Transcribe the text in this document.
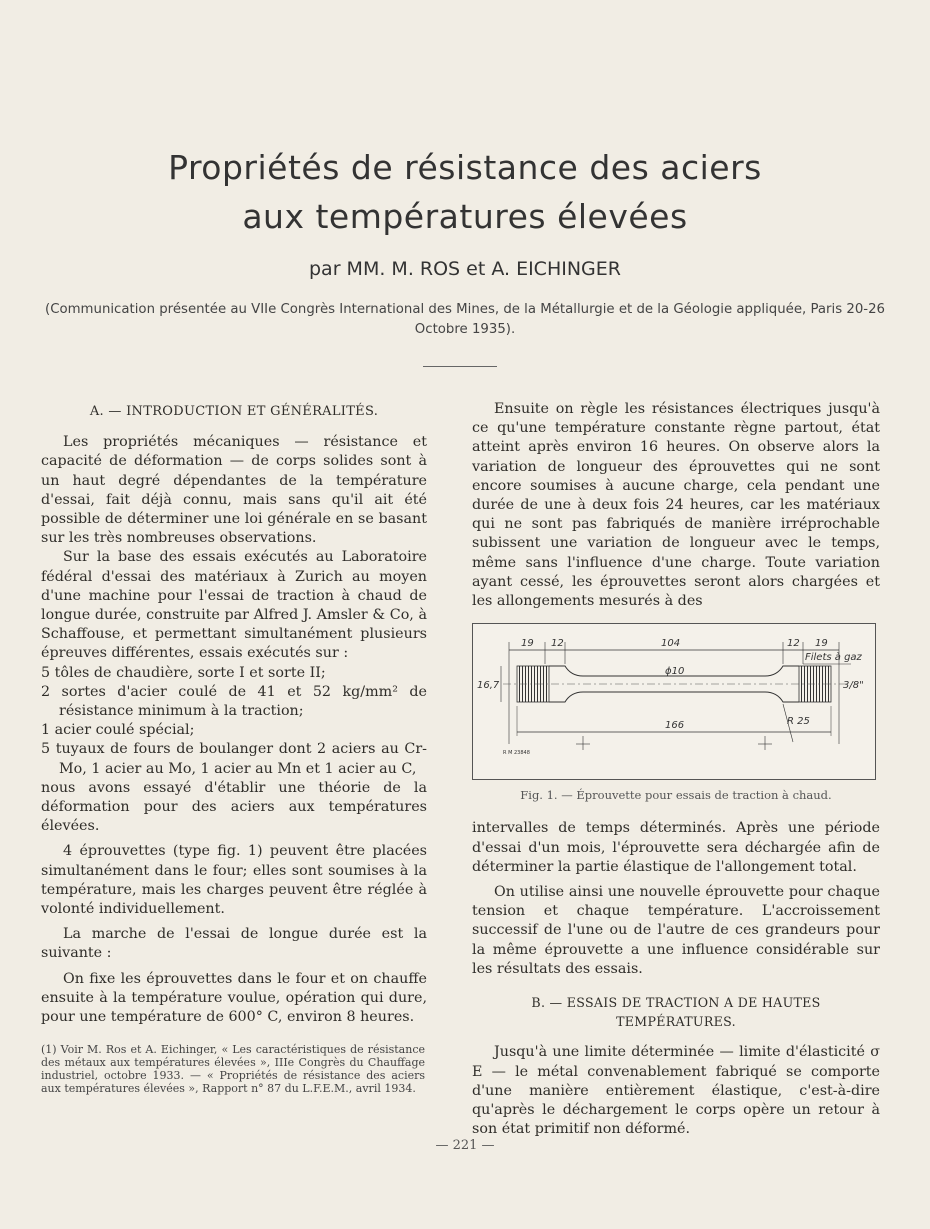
Propriétés de résistance des aciers
aux températures élevées
par MM. M. ROS et A. EICHINGER
(Communication présentée au VIIe Congrès International des Mines, de la Métallurgie et de la Géologie appliquée, Paris 20-26 Octobre 1935).

A. — INTRODUCTION ET GÉNÉRALITÉS.

Les propriétés mécaniques — résistance et capacité de déformation — de corps solides sont à un haut degré dépendantes de la température d'essai, fait déjà connu, mais sans qu'il ait été possible de déterminer une loi générale en se basant sur les très nombreuses observations.

Sur la base des essais exécutés au Laboratoire fédéral d'essai des matériaux à Zurich au moyen d'une machine pour l'essai de traction à chaud de longue durée, construite par Alfred J. Amsler & Co, à Schaffouse, et permettant simultanément plusieurs épreuves différentes, essais exécutés sur :

5 tôles de chaudière, sorte I et sorte II;

2 sortes d'acier coulé de 41 et 52 kg/mm² de résistance minimum à la traction;

1 acier coulé spécial;

5 tuyaux de fours de boulanger dont 2 aciers au Cr-Mo, 1 acier au Mo, 1 acier au Mn et 1 acier au C,

nous avons essayé d'établir une théorie de la déformation pour des aciers aux températures élevées.

4 éprouvettes (type fig. 1) peuvent être placées simultanément dans le four; elles sont soumises à la température, mais les charges peuvent être réglée à volonté individuellement.

La marche de l'essai de longue durée est la suivante :

On fixe les éprouvettes dans le four et on chauffe ensuite à la température voulue, opération qui dure, pour une température de 600° C, environ 8 heures.

(1) Voir M. Ros et A. Eichinger, « Les caractéristiques de résistance des métaux aux températures élevées », IIIe Congrès du Chauffage industriel, octobre 1933. — « Propriétés de résistance des aciers aux températures élevées », Rapport n° 87 du L.F.E.M., avril 1934.

Ensuite on règle les résistances électriques jusqu'à ce qu'une température constante règne partout, état atteint après environ 16 heures. On observe alors la variation de longueur des éprouvettes qui ne sont encore soumises à aucune charge, cela pendant une durée de une à deux fois 24 heures, car les matériaux qui ne sont pas fabriqués de manière irréprochable subissent une variation de longueur avec le temps, même sans l'influence d'une charge. Toute variation ayant cessé, les éprouvettes seront alors chargées et les allongements mesurés à des

19 12	104	12 19
16,7
ϕ10
166	R 25
Filets à gaz
3/8"
R M 23848

Fig. 1. — Éprouvette pour essais de traction à chaud.

intervalles de temps déterminés. Après une période d'essai d'un mois, l'éprouvette sera déchargée afin de déterminer la partie élastique de l'allongement total.

On utilise ainsi une nouvelle éprouvette pour chaque tension et chaque température. L'accroissement successif de l'une ou de l'autre de ces grandeurs pour la même éprouvette a une influence considérable sur les résultats des essais.

B. — ESSAIS DE TRACTION A DE HAUTES TEMPÉRATURES.

Jusqu'à une limite déterminée — limite d'élasticité σ E — le métal convenablement fabriqué se comporte d'une manière entièrement élastique, c'est-à-dire qu'après le déchargement le corps opère un retour à son état primitif non déformé.

— 221 —
